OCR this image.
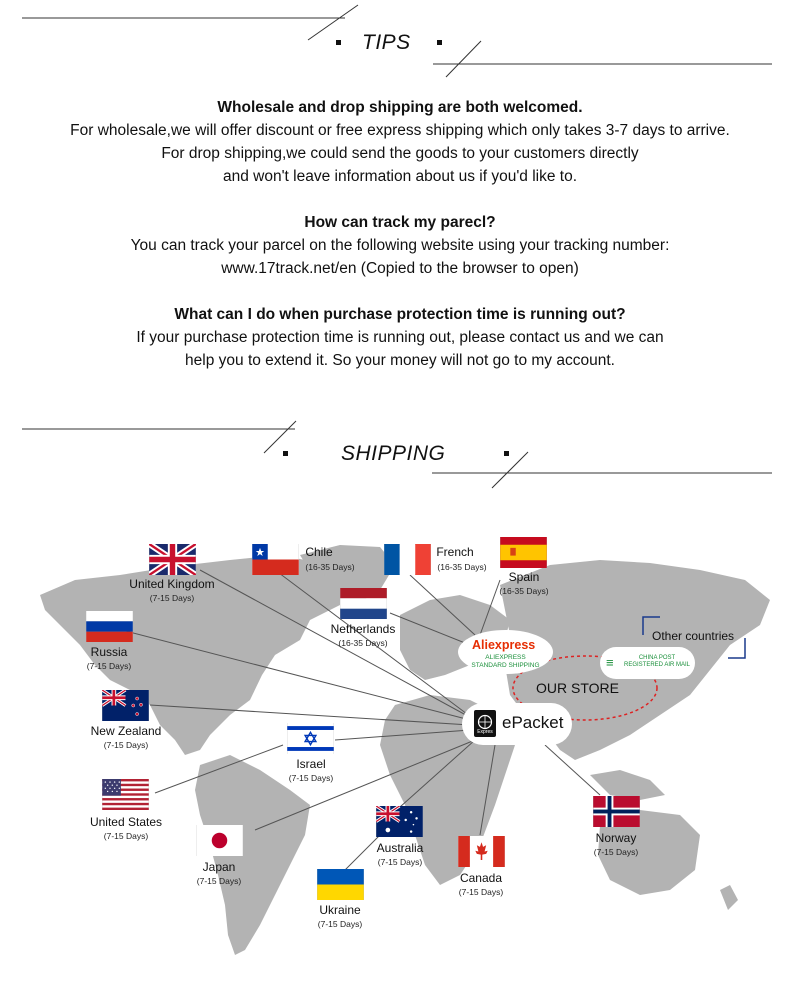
TIPS
Wholesale and drop shipping are both welcomed.
For wholesale,we will offer discount or free express shipping which only takes 3-7 days to arrive.
For drop shipping,we could send the goods to your customers directly
and won't leave information about us if you'd like to.
How can track my parecl?
You can track your parcel on the following website using your tracking number:
www.17track.net/en (Copied to the browser to open)
What can I do when purchase protection time is running out?
If your purchase protection time is running out, please contact us and we can
help you to extend it. So your money will not go to my account.
SHIPPING
OUR STORE
Aliexpress
ALIEXPRESS
STANDARD SHIPPING	≡	CHINA POST
REGISTERED AIR MAIL
Other countries
Expres ePacket
United Kingdom
(7-15 Days)
Chile
(16-35 Days)
French
(16-35 Days)
Spain
(16-35 Days)
Netherlands
(16-35 Days)
Russia
(7-15 Days)
New Zealand
(7-15 Days)
Israel
(7-15 Days)
United States
(7-15 Days)
Japan
(7-15 Days)
Australia
(7-15 Days)
Ukraine
(7-15 Days)
Canada
(7-15 Days)
Norway
(7-15 Days)
